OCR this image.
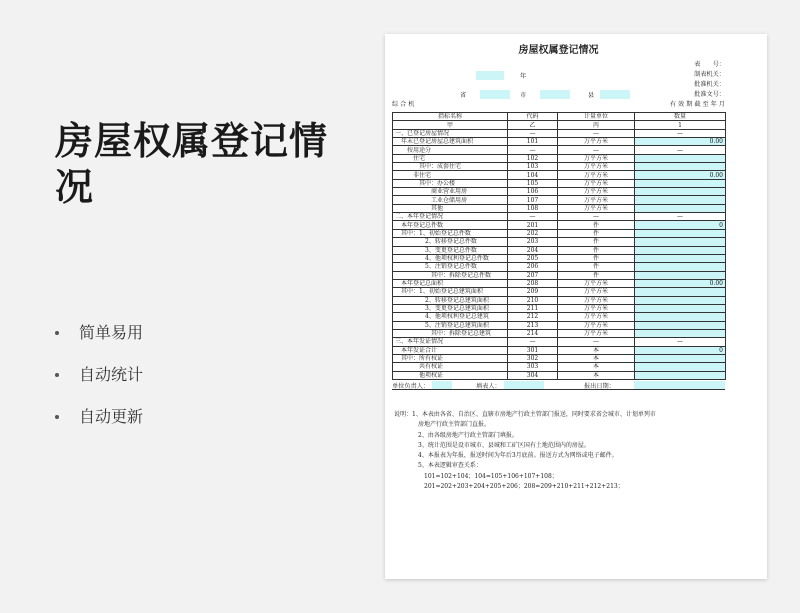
房屋权属登记情况
简单易用
自动统计
自动更新
房屋权属登记情况
表　　号：
制表机关：
批准机关：
批准文号：
年
综 合 机
省	市	县
有 效 期 截 至 年 月
指标名称	代码	计量单位	数量
甲	乙	丙	1
一、已登记房屋情况	—	—	—
年末已登记房屋总建筑面积	101	万平方米	0.00
按用途分	—	—	—
住宅	102	万平方米	
其中：成套住宅	103	万平方米	
非住宅	104	万平方米	0.00
其中：办公楼	105	万平方米	
商业营业用房	106	万平方米	
工业仓储用房	107	万平方米	
其他	108	万平方米	
二、本年登记情况	—	—	—
本年登记总件数	201	件	0
其中：1、初始登记总件数	202	件	
2、转移登记总件数	203	件	
3、变更登记总件数	204	件	
4、他项权利登记总件数	205	件	
5、注销登记总件数	206	件	
其中：拆除登记总件数	207	件	
本年登记总面积	208	万平方米	0.00
其中：1、初始登记总建筑面积	209	万平方米	
2、转移登记总建筑面积	210	万平方米	
3、变更登记总建筑面积	211	万平方米	
4、他项权利登记总建筑	212	万平方米	
5、注销登记总建筑面积	213	万平方米	
其中：拆除登记总建筑	214	万平方米	
三、本年发证情况	—	—	—
本年发证合计	301	本	0
其中：所有权证	302	本	
共有权证	303	本	
他项权证	304	本	
单位负责人：	填表人：	报出日期：
说明：1、本表由各省、自治区、直辖市房地产行政主管部门报送，同时要求省会城市、计划单列市
房地产行政主管部门直报。
2、由各级房地产行政主管部门填报。
3、统计范围是设市城市、县城和工矿区国有土地范围内的房屋。
4、本报表为年报，报送时间为年后3月底前。报送方式为网络或电子邮件。
5、本表逻辑审查关系：
101=102+104；104=105+106+107+108；
201=202+203+204+205+206；208=209+210+211+212+213；
